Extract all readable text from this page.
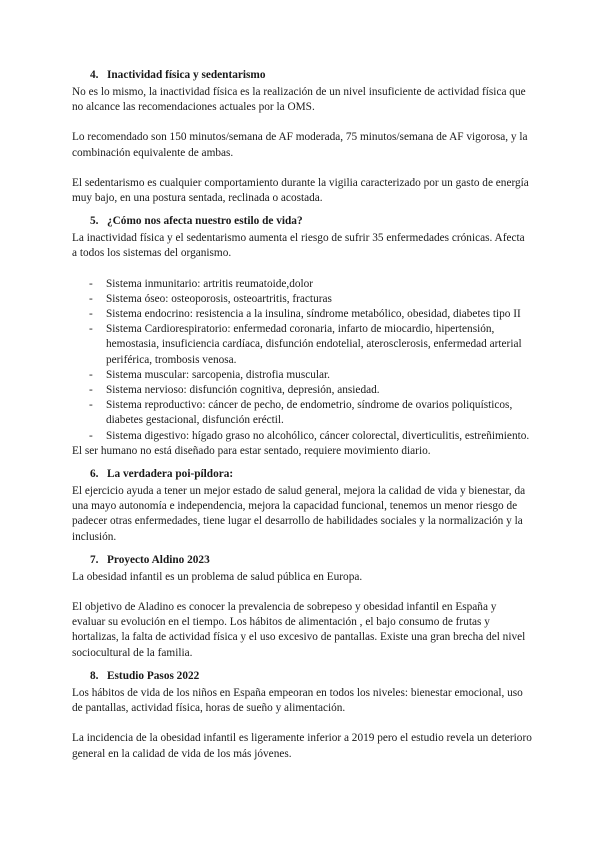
4. Inactividad física y sedentarismo

No es lo mismo, la inactividad física es la realización de un nivel insuficiente de actividad física que no alcance las recomendaciones actuales por la OMS.

Lo recomendado son 150 minutos/semana de AF moderada, 75 minutos/semana de AF vigorosa, y la combinación equivalente de ambas.

El sedentarismo es cualquier comportamiento durante la vigilia caracterizado por un gasto de energía muy bajo, en una postura sentada, reclinada o acostada.

5. ¿Cómo nos afecta nuestro estilo de vida?

La inactividad física y el sedentarismo aumenta el riesgo de sufrir 35 enfermedades crónicas. Afecta a todos los sistemas del organismo.

- Sistema inmunitario: artritis reumatoide,dolor
- Sistema óseo: osteoporosis, osteoartritis, fracturas
- Sistema endocrino: resistencia a la insulina, síndrome metabólico, obesidad, diabetes tipo II
- Sistema Cardiorespiratorio: enfermedad coronaria, infarto de miocardio, hipertensión, hemostasia, insuficiencia cardíaca, disfunción endotelial, aterosclerosis, enfermedad arterial periférica, trombosis venosa.
- Sistema muscular: sarcopenia, distrofia muscular.
- Sistema nervioso: disfunción cognitiva, depresión, ansiedad.
- Sistema reproductivo: cáncer de pecho, de endometrio, síndrome de ovarios poliquísticos, diabetes gestacional, disfunción eréctil.
- Sistema digestivo: hígado graso no alcohólico, cáncer colorectal, diverticulitis, estreñimiento.

El ser humano no está diseñado para estar sentado, requiere movimiento diario.

6. La verdadera poi-píldora:

El ejercicio ayuda a tener un mejor estado de salud general, mejora la calidad de vida y bienestar, da una mayo autonomía e independencia, mejora la capacidad funcional, tenemos un menor riesgo de padecer otras enfermedades, tiene lugar el desarrollo de habilidades sociales y la normalización y la inclusión.

7. Proyecto Aldino 2023

La obesidad infantil es un problema de salud pública en Europa.

El objetivo de Aladino es conocer la prevalencia de sobrepeso y obesidad infantil en España y evaluar su evolución en el tiempo. Los hábitos de alimentación , el bajo consumo de frutas y hortalizas, la falta de actividad física y el uso excesivo de pantallas. Existe una gran brecha del nivel sociocultural de la familia.

8. Estudio Pasos 2022

Los hábitos de vida de los niños en España empeoran en todos los niveles: bienestar emocional, uso de pantallas, actividad física, horas de sueño y alimentación.

La incidencia de la obesidad infantil es ligeramente inferior a 2019 pero el estudio revela un deterioro general en la calidad de vida de los más jóvenes.
